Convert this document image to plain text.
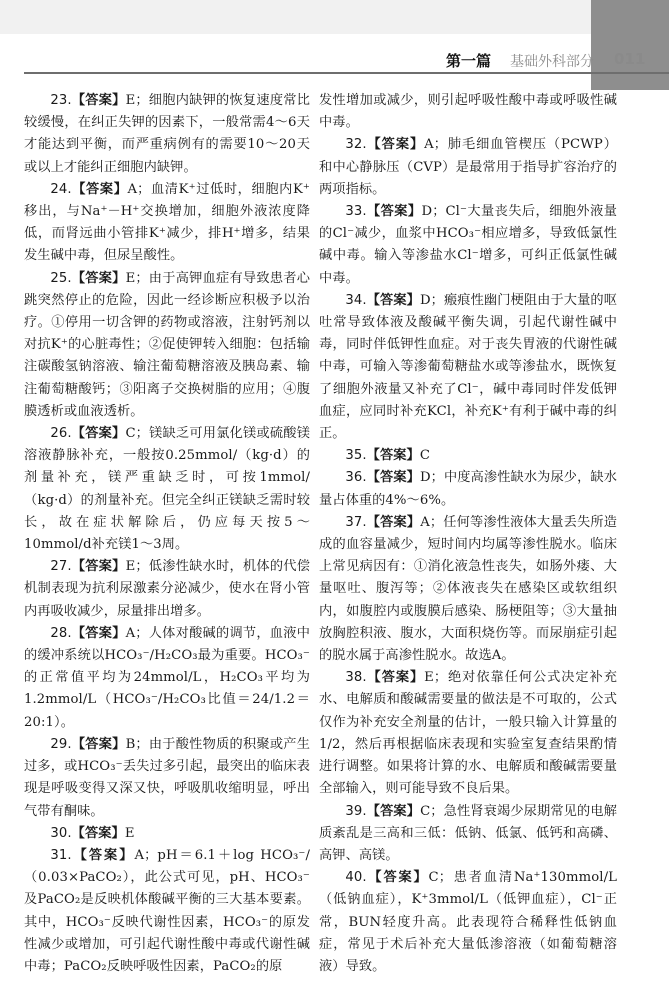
第一篇 基础外科部分 011

23.【答案】E；细胞内缺钾的恢复速度常比较缓慢，在纠正失钾的因素下，一般常需4～6天才能达到平衡，而严重病例有的需要10～20天或以上才能纠正细胞内缺钾。

24.【答案】A；血清K⁺过低时，细胞内K⁺移出，与Na⁺－H⁺交换增加，细胞外液浓度降低，而肾远曲小管排K⁺减少，排H⁺增多，结果发生碱中毒，但尿呈酸性。

25.【答案】E；由于高钾血症有导致患者心跳突然停止的危险，因此一经诊断应积极予以治疗。①停用一切含钾的药物或溶液，注射钙剂以对抗K⁺的心脏毒性；②促使钾转入细胞：包括输注碳酸氢钠溶液、输注葡萄糖溶液及胰岛素、输注葡萄糖酸钙；③阳离子交换树脂的应用；④腹膜透析或血液透析。

26.【答案】C；镁缺乏可用氯化镁或硫酸镁溶液静脉补充，一般按0.25mmol/（kg·d）的剂量补充，镁严重缺乏时，可按1mmol/（kg·d）的剂量补充。但完全纠正镁缺乏需时较长，故在症状解除后，仍应每天按5～10mmol/d补充镁1～3周。

27.【答案】E；低渗性缺水时，机体的代偿机制表现为抗利尿激素分泌减少，使水在肾小管内再吸收减少，尿量排出增多。

28.【答案】A；人体对酸碱的调节，血液中的缓冲系统以HCO₃⁻/H₂CO₃最为重要。HCO₃⁻的正常值平均为24mmol/L，H₂CO₃平均为1.2mmol/L（HCO₃⁻/H₂CO₃比值＝24/1.2＝20:1）。

29.【答案】B；由于酸性物质的积聚或产生过多，或HCO₃⁻丢失过多引起，最突出的临床表现是呼吸变得又深又快，呼吸肌收缩明显，呼出气带有酮味。

30.【答案】E

31.【答案】A；pH＝6.1＋log HCO₃⁻/（0.03×PaCO₂），此公式可见，pH、HCO₃⁻及PaCO₂是反映机体酸碱平衡的三大基本要素。其中，HCO₃⁻反映代谢性因素，HCO₃⁻的原发性减少或增加，可引起代谢性酸中毒或代谢性碱中毒；PaCO₂反映呼吸性因素，PaCO₂的原

发性增加或减少，则引起呼吸性酸中毒或呼吸性碱中毒。

32.【答案】A；肺毛细血管楔压（PCWP）和中心静脉压（CVP）是最常用于指导扩容治疗的两项指标。

33.【答案】D；Cl⁻大量丧失后，细胞外液量的Cl⁻减少，血浆中HCO₃⁻相应增多，导致低氯性碱中毒。输入等渗盐水Cl⁻增多，可纠正低氯性碱中毒。

34.【答案】D；瘢痕性幽门梗阻由于大量的呕吐常导致体液及酸碱平衡失调，引起代谢性碱中毒，同时伴低钾性血症。对于丧失胃液的代谢性碱中毒，可输入等渗葡萄糖盐水或等渗盐水，既恢复了细胞外液量又补充了Cl⁻，碱中毒同时伴发低钾血症，应同时补充KCl，补充K⁺有利于碱中毒的纠正。

35.【答案】C

36.【答案】D；中度高渗性缺水为尿少，缺水量占体重的4%～6%。

37.【答案】A；任何等渗性液体大量丢失所造成的血容量减少，短时间内均属等渗性脱水。临床上常见病因有：①消化液急性丧失，如肠外瘘、大量呕吐、腹泻等；②体液丧失在感染区或软组织内，如腹腔内或腹膜后感染、肠梗阻等；③大量抽放胸腔积液、腹水，大面积烧伤等。而尿崩症引起的脱水属于高渗性脱水。故选A。

38.【答案】E；绝对依靠任何公式决定补充水、电解质和酸碱需要量的做法是不可取的，公式仅作为补充安全剂量的估计，一般只输入计算量的1/2，然后再根据临床表现和实验室复查结果酌情进行调整。如果将计算的水、电解质和酸碱需要量全部输入，则可能导致不良后果。

39.【答案】C；急性肾衰竭少尿期常见的电解质紊乱是三高和三低：低钠、低氯、低钙和高磷、高钾、高镁。

40.【答案】C；患者血清Na⁺130mmol/L（低钠血症），K⁺3mmol/L（低钾血症），Cl⁻正常，BUN轻度升高。此表现符合稀释性低钠血症，常见于术后补充大量低渗溶液（如葡萄糖溶液）导致。
